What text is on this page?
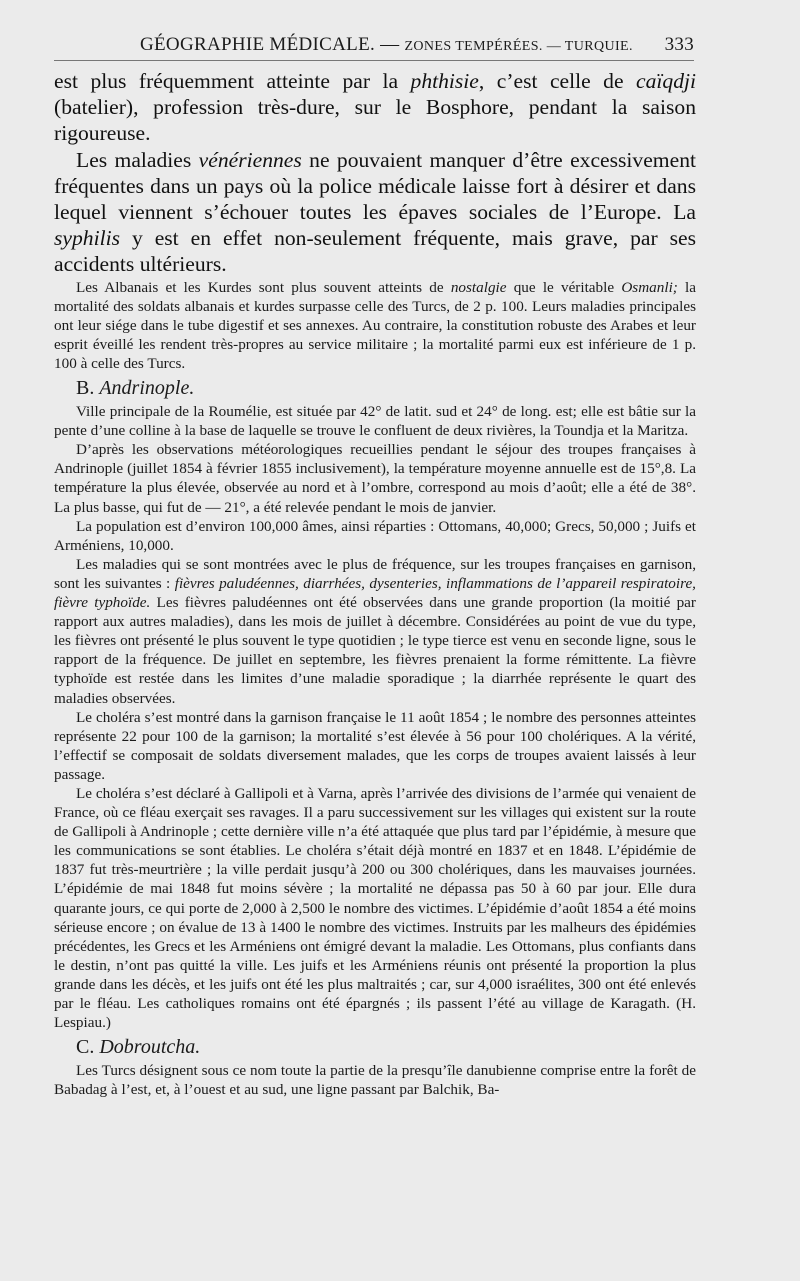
GÉOGRAPHIE MÉDICALE. — ZONES TEMPÉRÉES. — TURQUIE. 333

est plus fréquemment atteinte par la phthisie, c’est celle de caïqdji (batelier), profession très-dure, sur le Bosphore, pendant la saison rigoureuse.

Les maladies vénériennes ne pouvaient manquer d’être excessivement fréquentes dans un pays où la police médicale laisse fort à désirer et dans lequel viennent s’échouer toutes les épaves sociales de l’Europe. La syphilis y est en effet non-seulement fréquente, mais grave, par ses accidents ultérieurs.

Les Albanais et les Kurdes sont plus souvent atteints de nostalgie que le véritable Osmanli; la mortalité des soldats albanais et kurdes surpasse celle des Turcs, de 2 p. 100. Leurs maladies principales ont leur siége dans le tube digestif et ses annexes. Au contraire, la constitution robuste des Arabes et leur esprit éveillé les rendent très-propres au service militaire ; la mortalité parmi eux est inférieure de 1 p. 100 à celle des Turcs.

B. Andrinople.

Ville principale de la Roumélie, est située par 42° de latit. sud et 24° de long. est; elle est bâtie sur la pente d’une colline à la base de laquelle se trouve le confluent de deux rivières, la Toundja et la Maritza.

D’après les observations météorologiques recueillies pendant le séjour des troupes françaises à Andrinople (juillet 1854 à février 1855 inclusivement), la température moyenne annuelle est de 15°,8. La température la plus élevée, observée au nord et à l’ombre, correspond au mois d’août; elle a été de 38°. La plus basse, qui fut de — 21°, a été relevée pendant le mois de janvier.

La population est d’environ 100,000 âmes, ainsi réparties : Ottomans, 40,000; Grecs, 50,000 ; Juifs et Arméniens, 10,000.

Les maladies qui se sont montrées avec le plus de fréquence, sur les troupes françaises en garnison, sont les suivantes : fièvres paludéennes, diarrhées, dysenteries, inflammations de l’appareil respiratoire, fièvre typhoïde. Les fièvres paludéennes ont été observées dans une grande proportion (la moitié par rapport aux autres maladies), dans les mois de juillet à décembre. Considérées au point de vue du type, les fièvres ont présenté le plus souvent le type quotidien ; le type tierce est venu en seconde ligne, sous le rapport de la fréquence. De juillet en septembre, les fièvres prenaient la forme rémittente. La fièvre typhoïde est restée dans les limites d’une maladie sporadique ; la diarrhée représente le quart des maladies observées.

Le choléra s’est montré dans la garnison française le 11 août 1854 ; le nombre des personnes atteintes représente 22 pour 100 de la garnison; la mortalité s’est élevée à 56 pour 100 cholériques. A la vérité, l’effectif se composait de soldats diversement malades, que les corps de troupes avaient laissés à leur passage.

Le choléra s’est déclaré à Gallipoli et à Varna, après l’arrivée des divisions de l’armée qui venaient de France, où ce fléau exerçait ses ravages. Il a paru successivement sur les villages qui existent sur la route de Gallipoli à Andrinople ; cette dernière ville n’a été attaquée que plus tard par l’épidémie, à mesure que les communications se sont établies. Le choléra s’était déjà montré en 1837 et en 1848. L’épidémie de 1837 fut très-meurtrière ; la ville perdait jusqu’à 200 ou 300 cholériques, dans les mauvaises journées. L’épidémie de mai 1848 fut moins sévère ; la mortalité ne dépassa pas 50 à 60 par jour. Elle dura quarante jours, ce qui porte de 2,000 à 2,500 le nombre des victimes. L’épidémie d’août 1854 a été moins sérieuse encore ; on évalue de 13 à 1400 le nombre des victimes. Instruits par les malheurs des épidémies précédentes, les Grecs et les Arméniens ont émigré devant la maladie. Les Ottomans, plus confiants dans le destin, n’ont pas quitté la ville. Les juifs et les Arméniens réunis ont présenté la proportion la plus grande dans les décès, et les juifs ont été les plus maltraités ; car, sur 4,000 israélites, 300 ont été enlevés par le fléau. Les catholiques romains ont été épargnés ; ils passent l’été au village de Karagath. (H. Lespiau.)

C. Dobroutcha.

Les Turcs désignent sous ce nom toute la partie de la presqu’île danubienne comprise entre la forêt de Babadag à l’est, et, à l’ouest et au sud, une ligne passant par Balchik, Ba-
